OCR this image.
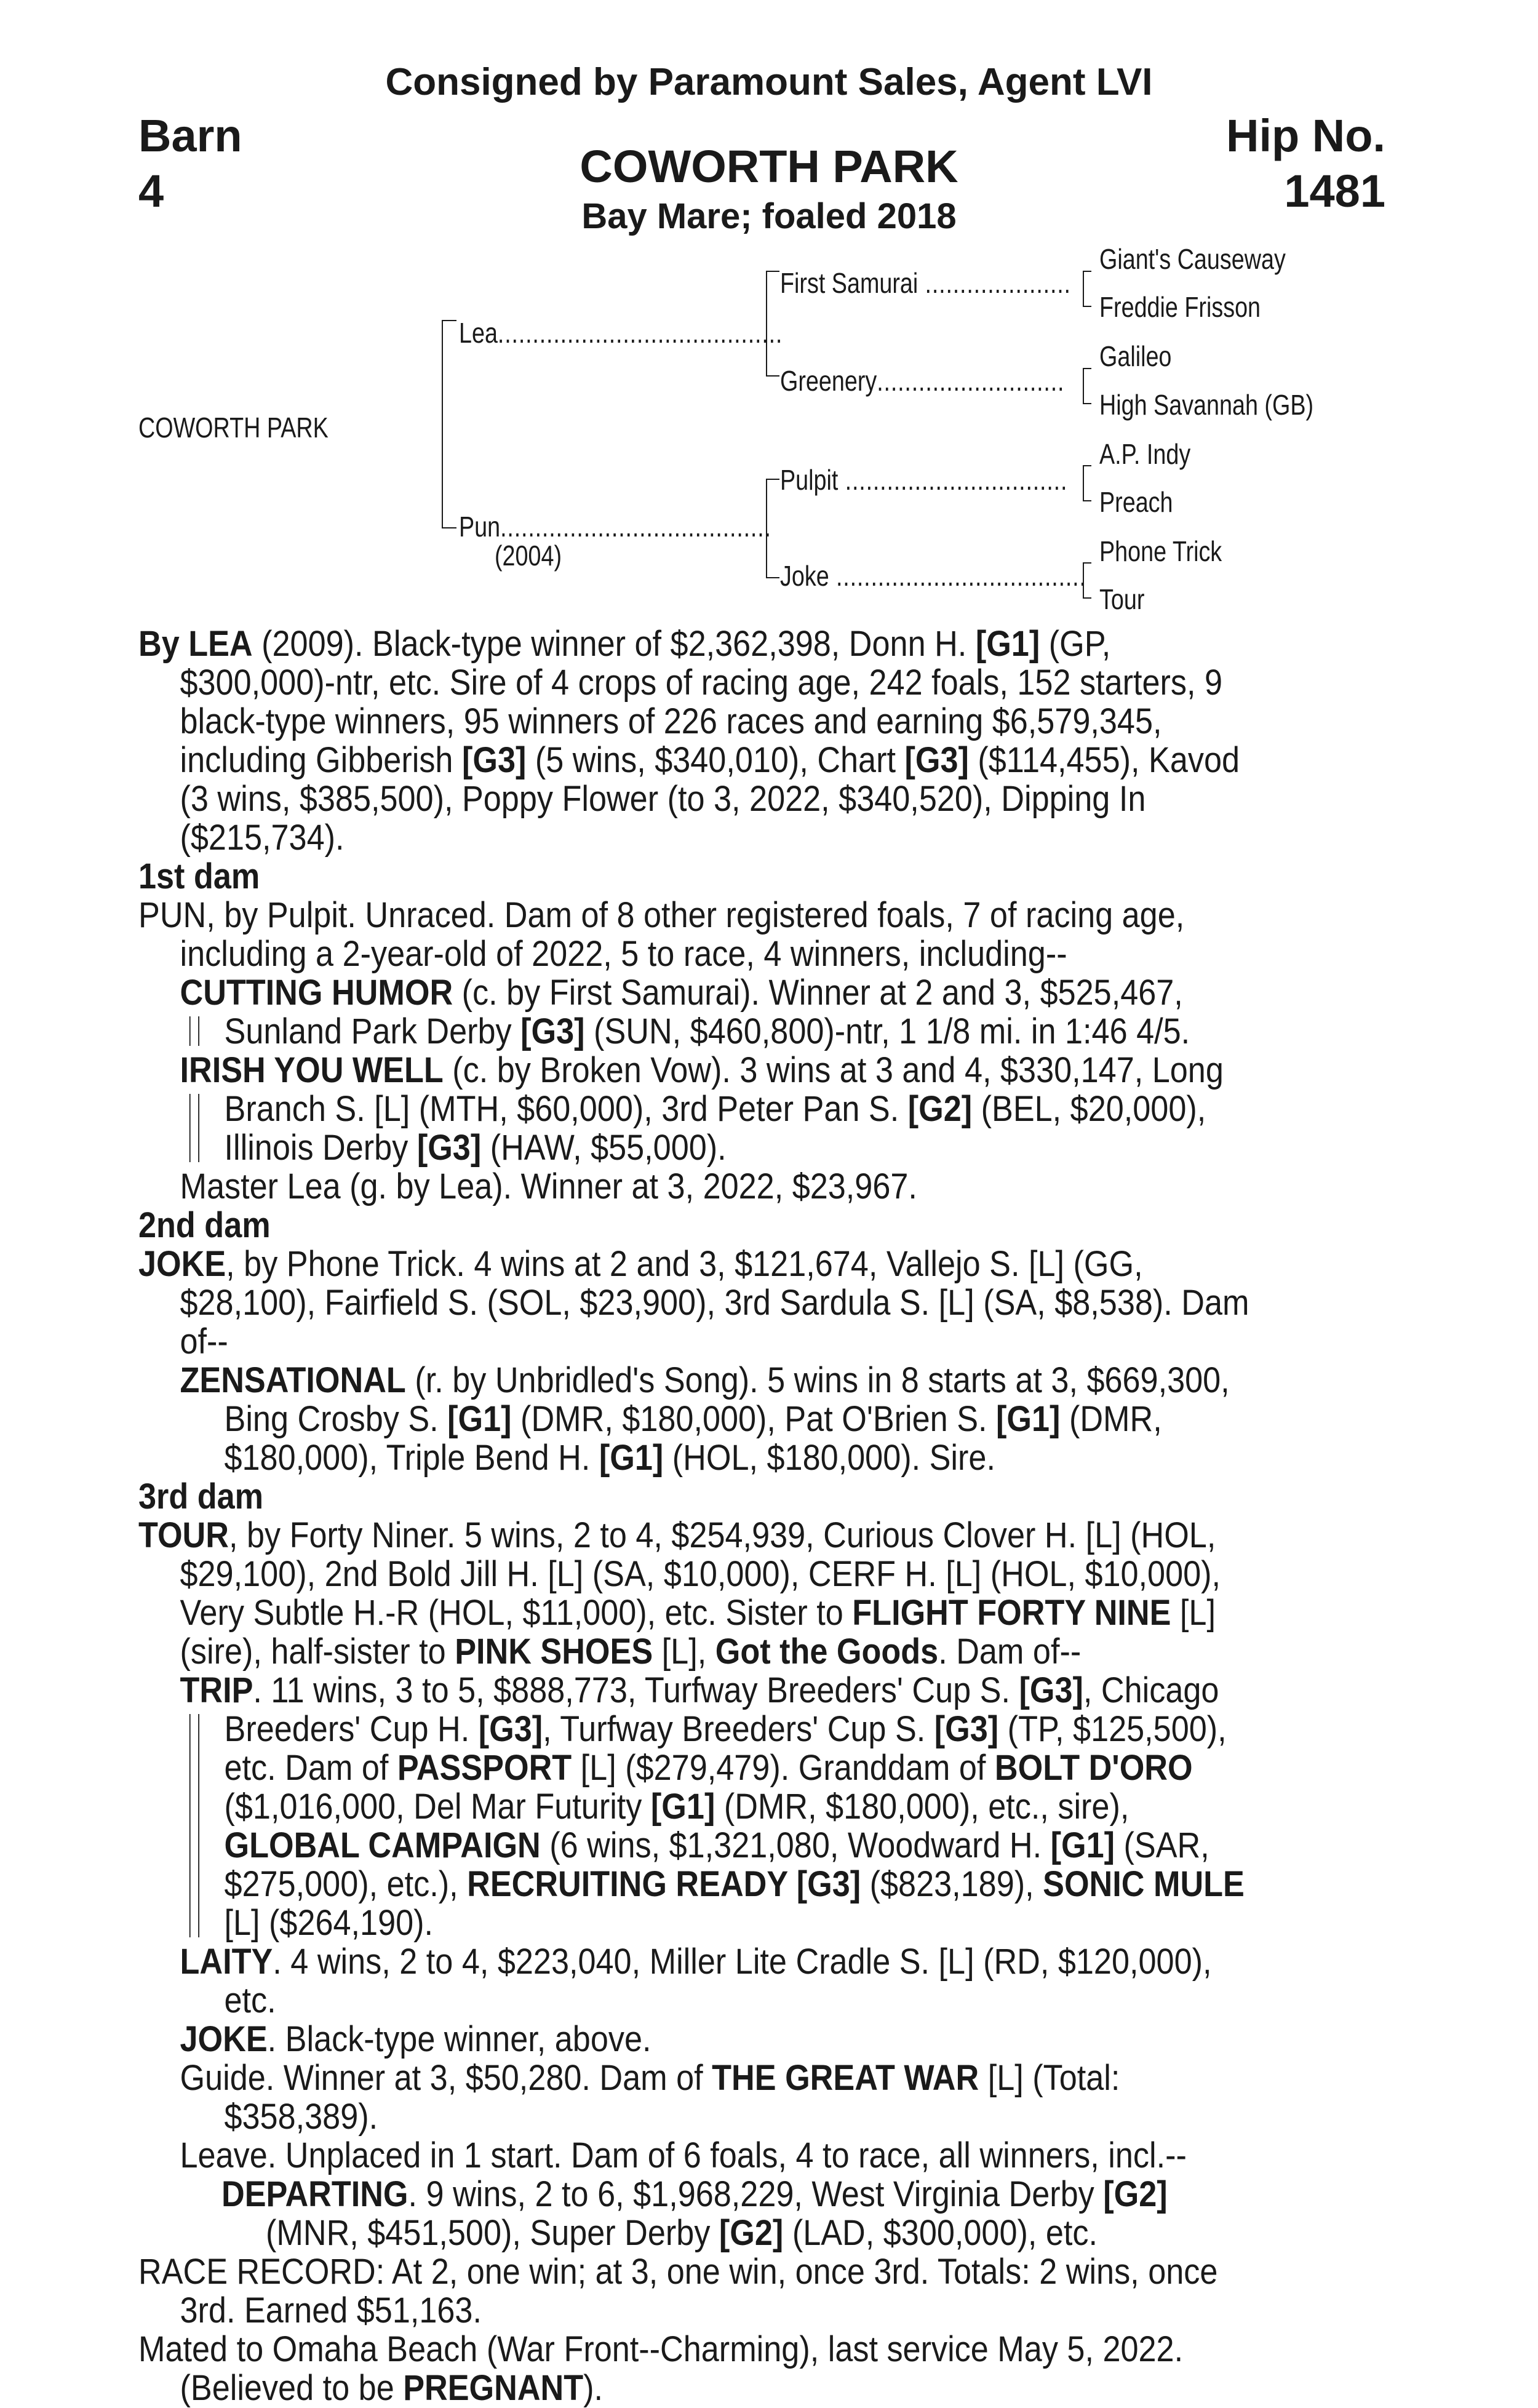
Consigned by Paramount Sales, Agent LVI
Barn
4
Hip No.
1481
COWORTH PARK
Bay Mare; foaled 2018
COWORTH PARK
Lea.........................................
Pun.......................................
(2004)
First Samurai .....................
Greenery...........................
Pulpit ................................
Joke ....................................
Giant's Causeway
Freddie Frisson
Galileo
High Savannah (GB)
A.P. Indy
Preach
Phone Trick
Tour

By LEA (2009). Black-type winner of $2,362,398, Donn H. [G1] (GP, $300,000)-ntr, etc. Sire of 4 crops of racing age, 242 foals, 152 starters, 9 black-type winners, 95 winners of 226 races and earning $6,579,345, including Gibberish [G3] (5 wins, $340,010), Chart [G3] ($114,455), Kavod (3 wins, $385,500), Poppy Flower (to 3, 2022, $340,520), Dipping In ($215,734).

1st dam

PUN, by Pulpit. Unraced. Dam of 8 other registered foals, 7 of racing age, including a 2-year-old of 2022, 5 to race, 4 winners, including--

CUTTING HUMOR (c. by First Samurai). Winner at 2 and 3, $525,467, Sunland Park Derby [G3] (SUN, $460,800)-ntr, 1 1/8 mi. in 1:46 4/5.

IRISH YOU WELL (c. by Broken Vow). 3 wins at 3 and 4, $330,147, Long Branch S. [L] (MTH, $60,000), 3rd Peter Pan S. [G2] (BEL, $20,000), Illinois Derby [G3] (HAW, $55,000).

Master Lea (g. by Lea). Winner at 3, 2022, $23,967.

2nd dam

JOKE, by Phone Trick. 4 wins at 2 and 3, $121,674, Vallejo S. [L] (GG, $28,100), Fairfield S. (SOL, $23,900), 3rd Sardula S. [L] (SA, $8,538). Dam of--

ZENSATIONAL (r. by Unbridled's Song). 5 wins in 8 starts at 3, $669,300, Bing Crosby S. [G1] (DMR, $180,000), Pat O'Brien S. [G1] (DMR, $180,000), Triple Bend H. [G1] (HOL, $180,000). Sire.

3rd dam

TOUR, by Forty Niner. 5 wins, 2 to 4, $254,939, Curious Clover H. [L] (HOL, $29,100), 2nd Bold Jill H. [L] (SA, $10,000), CERF H. [L] (HOL, $10,000), Very Subtle H.-R (HOL, $11,000), etc. Sister to FLIGHT FORTY NINE [L] (sire), half-sister to PINK SHOES [L], Got the Goods. Dam of--

TRIP. 11 wins, 3 to 5, $888,773, Turfway Breeders' Cup S. [G3], Chicago Breeders' Cup H. [G3], Turfway Breeders' Cup S. [G3] (TP, $125,500), etc. Dam of PASSPORT [L] ($279,479). Granddam of BOLT D'ORO ($1,016,000, Del Mar Futurity [G1] (DMR, $180,000), etc., sire), GLOBAL CAMPAIGN (6 wins, $1,321,080, Woodward H. [G1] (SAR, $275,000), etc.), RECRUITING READY [G3] ($823,189), SONIC MULE [L] ($264,190).

LAITY. 4 wins, 2 to 4, $223,040, Miller Lite Cradle S. [L] (RD, $120,000), etc.

JOKE. Black-type winner, above.

Guide. Winner at 3, $50,280. Dam of THE GREAT WAR [L] (Total: $358,389).

Leave. Unplaced in 1 start. Dam of 6 foals, 4 to race, all winners, incl.--

DEPARTING. 9 wins, 2 to 6, $1,968,229, West Virginia Derby [G2] (MNR, $451,500), Super Derby [G2] (LAD, $300,000), etc.

RACE RECORD: At 2, one win; at 3, one win, once 3rd. Totals: 2 wins, once 3rd. Earned $51,163.

Mated to Omaha Beach (War Front--Charming), last service May 5, 2022. (Believed to be PREGNANT).
